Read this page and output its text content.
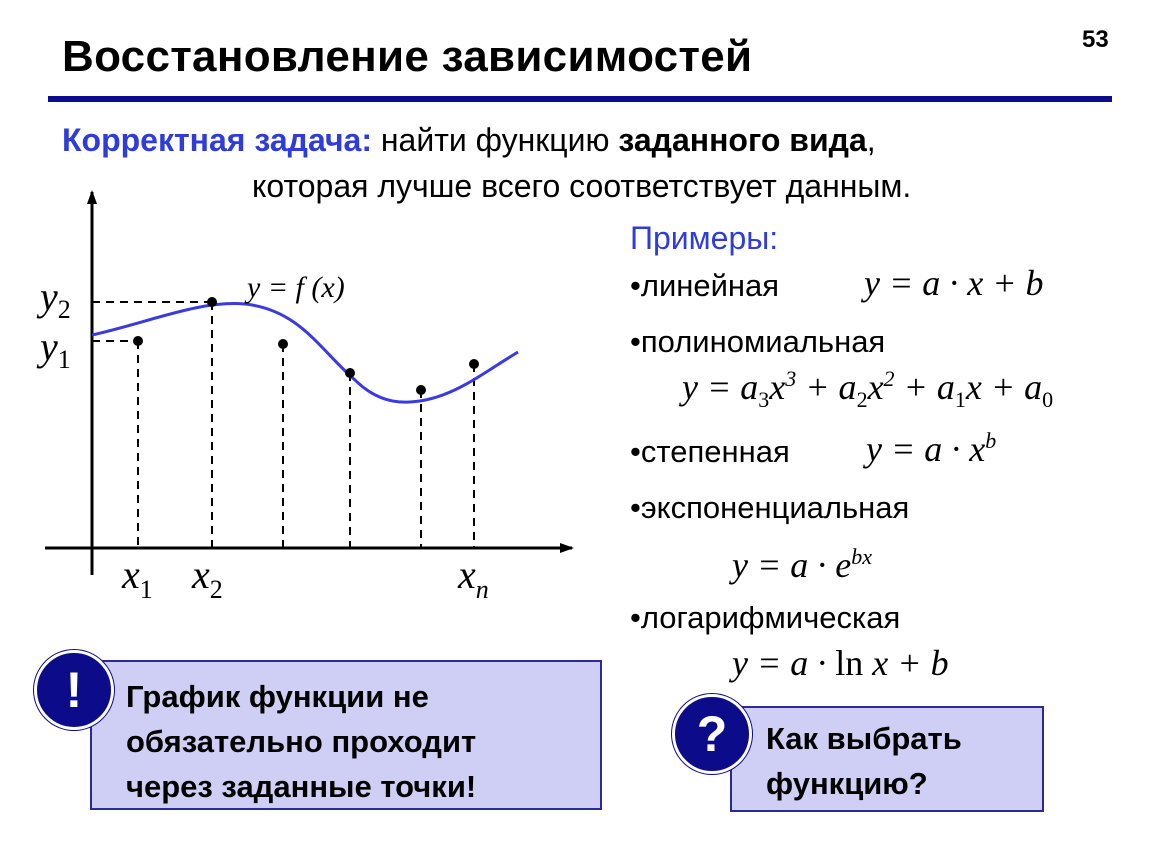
Восстановление зависимостей	53
Корректная задача: найти функцию заданного вида,
которая лучше всего соответствует данным.
y = f (x)
$y_2$
$y_1$
$x_1$ $x_2$	$x_n$
Примеры:
•линейная y = a · x + b
•полиномиальная
$y = a_3x^3 + a_2x^2 + a_1x + a_0$
•степенная $y = a \cdot x^b$
•экспоненциальная
$y = a \cdot e^{bx}$
•логарифмическая
y = a · ln x + b
График функции не
обязательно проходит
через заданные точки!
!
Как выбрать
функцию?
?
